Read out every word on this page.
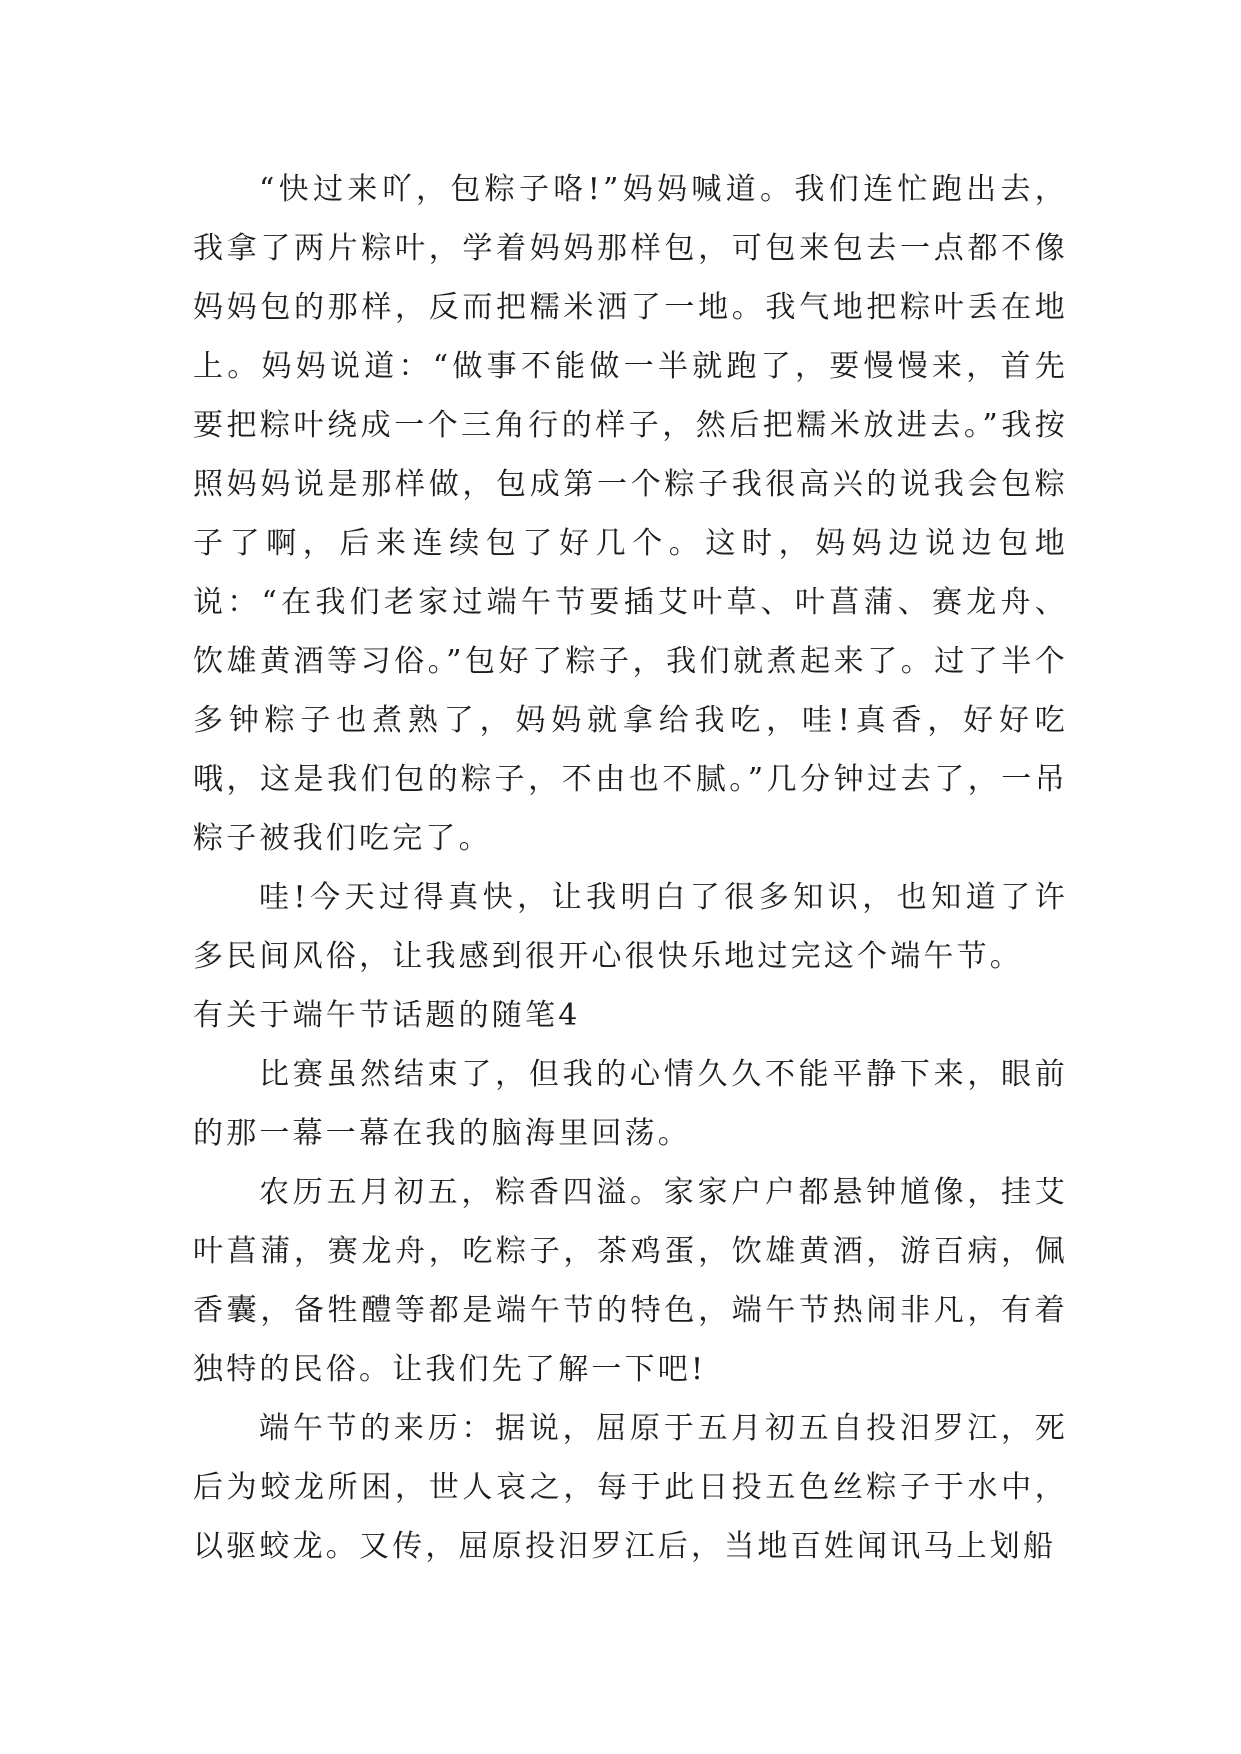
“快过来吖，包粽子咯!”妈妈喊道。我们连忙跑出去，我拿了两片粽叶，学着妈妈那样包，可包来包去一点都不像妈妈包的那样，反而把糯米洒了一地。我气地把粽叶丢在地上。妈妈说道：“做事不能做一半就跑了，要慢慢来，首先要把粽叶绕成一个三角行的样子，然后把糯米放进去。”我按照妈妈说是那样做，包成第一个粽子我很高兴的说我会包粽子了啊，后来连续包了好几个。这时，妈妈边说边包地说：“在我们老家过端午节要插艾叶草、叶菖蒲、赛龙舟、饮雄黄酒等习俗。”包好了粽子，我们就煮起来了。过了半个多钟粽子也煮熟了，妈妈就拿给我吃，哇!真香，好好吃哦，这是我们包的粽子，不由也不腻。”几分钟过去了，一吊粽子被我们吃完了。

哇!今天过得真快，让我明白了很多知识，也知道了许多民间风俗，让我感到很开心很快乐地过完这个端午节。

有关于端午节话题的随笔4

比赛虽然结束了，但我的心情久久不能平静下来，眼前的那一幕一幕在我的脑海里回荡。

农历五月初五，粽香四溢。家家户户都悬钟馗像，挂艾叶菖蒲，赛龙舟，吃粽子，茶鸡蛋，饮雄黄酒，游百病，佩香囊，备牲醴等都是端午节的特色，端午节热闹非凡，有着独特的民俗。让我们先了解一下吧!

端午节的来历：据说，屈原于五月初五自投汨罗江，死后为蛟龙所困，世人哀之，每于此日投五色丝粽子于水中，以驱蛟龙。又传，屈原投汨罗江后，当地百姓闻讯马上划船
